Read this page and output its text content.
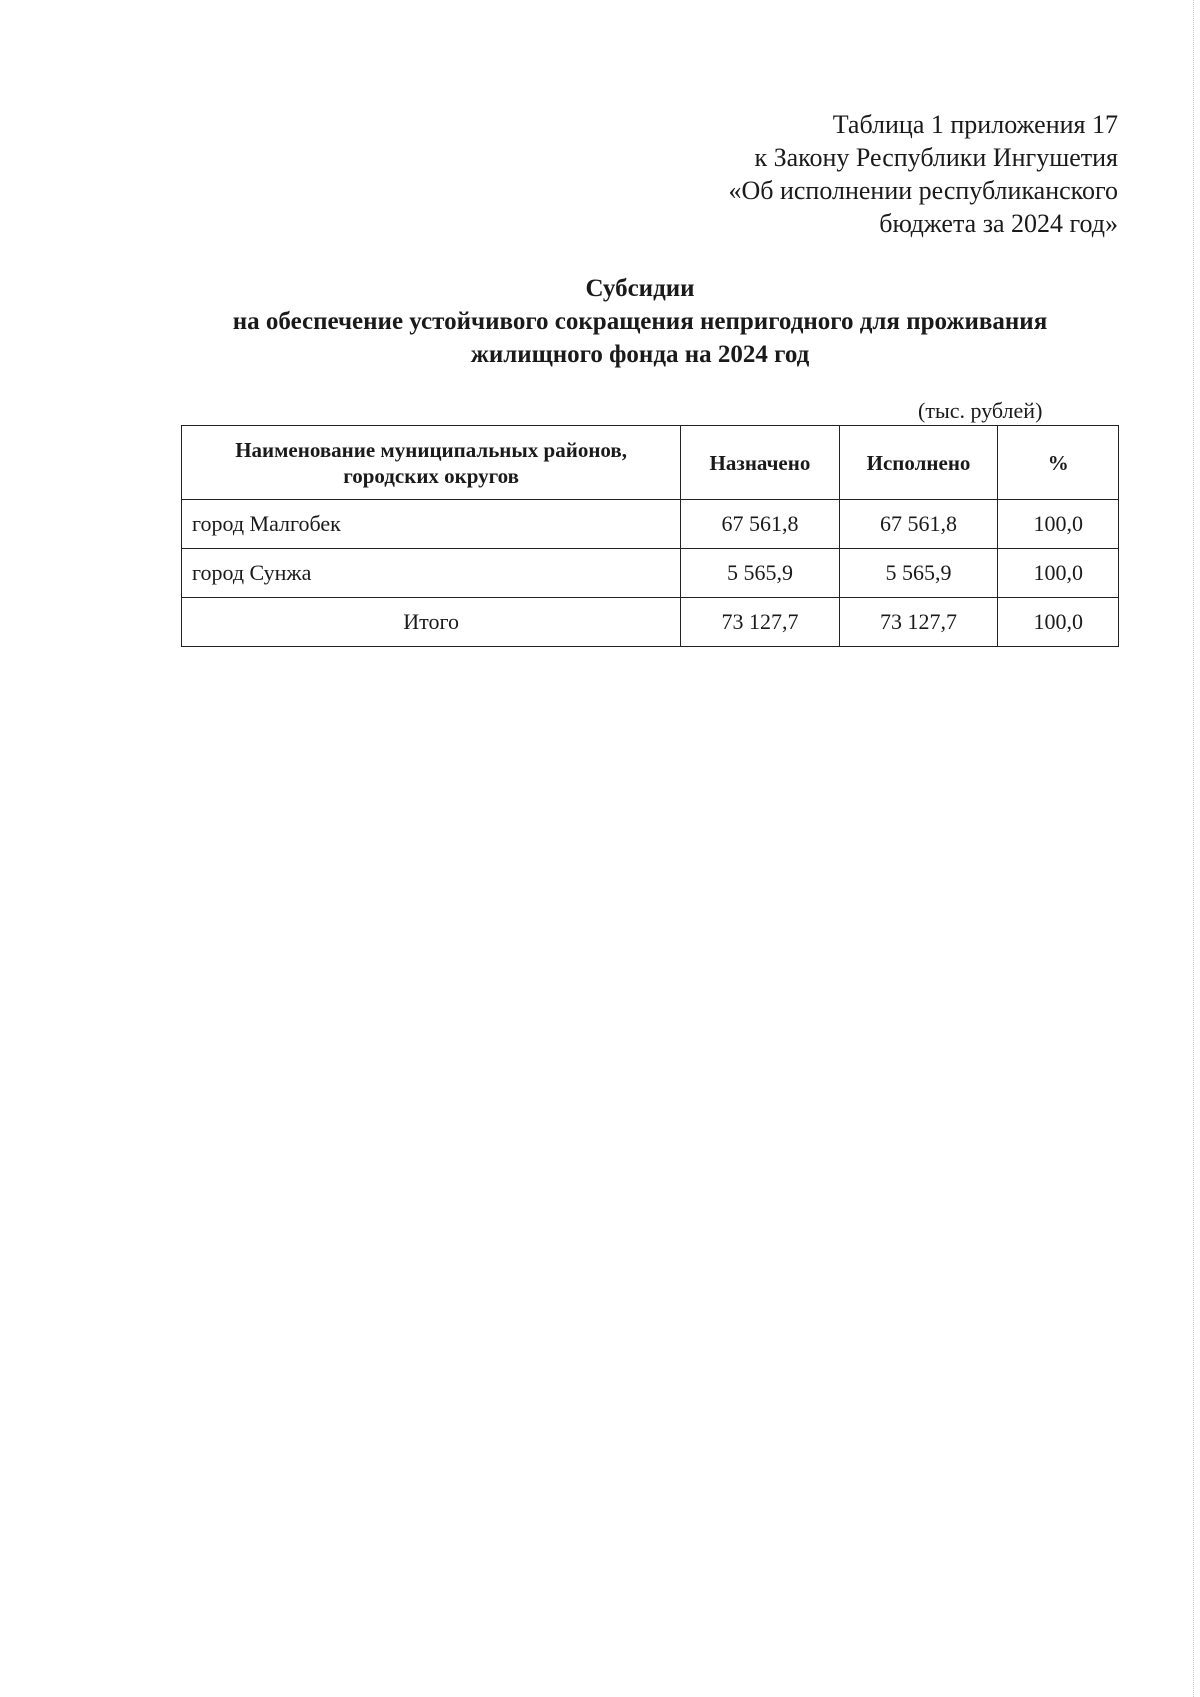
Таблица 1 приложения 17
к Закону Республики Ингушетия
«Об исполнении республиканского
бюджета за 2024 год»
Субсидии
на обеспечение устойчивого сокращения непригодного для проживания
жилищного фонда на 2024 год
(тыс. рублей)
Наименование муниципальных районов, городских округов	Назначено	Исполнено	%
город Малгобек	67 561,8	67 561,8	100,0
город Сунжа	5 565,9	5 565,9	100,0
Итого	73 127,7	73 127,7	100,0
